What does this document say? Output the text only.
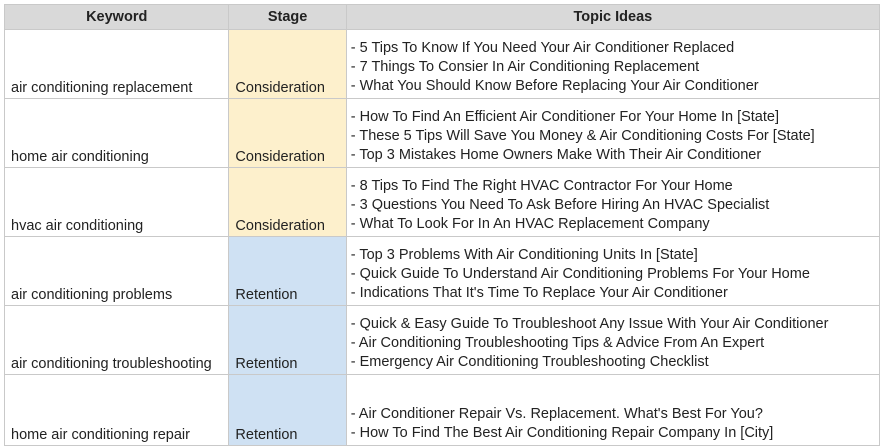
Keyword	Stage	Topic Ideas
air conditioning replacement	Consideration	- 5 Tips To Know If You Need Your Air Conditioner Replaced
- 7 Things To Consier In Air Conditioning Replacement
- What You Should Know Before Replacing Your Air Conditioner

home air conditioning	Consideration	- How To Find An Efficient Air Conditioner For Your Home In [State]
- These 5 Tips Will Save You Money & Air Conditioning Costs For [State]
- Top 3 Mistakes Home Owners Make With Their Air Conditioner

hvac air conditioning	Consideration	- 8 Tips To Find The Right HVAC Contractor For Your Home
- 3 Questions You Need To Ask Before Hiring An HVAC Specialist
- What To Look For In An HVAC Replacement Company

air conditioning problems	Retention	- Top 3 Problems With Air Conditioning Units In [State]
- Quick Guide To Understand Air Conditioning Problems For Your Home
- Indications That It's Time To Replace Your Air Conditioner

air conditioning troubleshooting	Retention	- Quick & Easy Guide To Troubleshoot Any Issue With Your Air Conditioner
- Air Conditioning Troubleshooting Tips & Advice From An Expert
- Emergency Air Conditioning Troubleshooting Checklist

home air conditioning repair	Retention	- Air Conditioner Repair Vs. Replacement. What's Best For You?
- How To Find The Best Air Conditioning Repair Company In [City]
